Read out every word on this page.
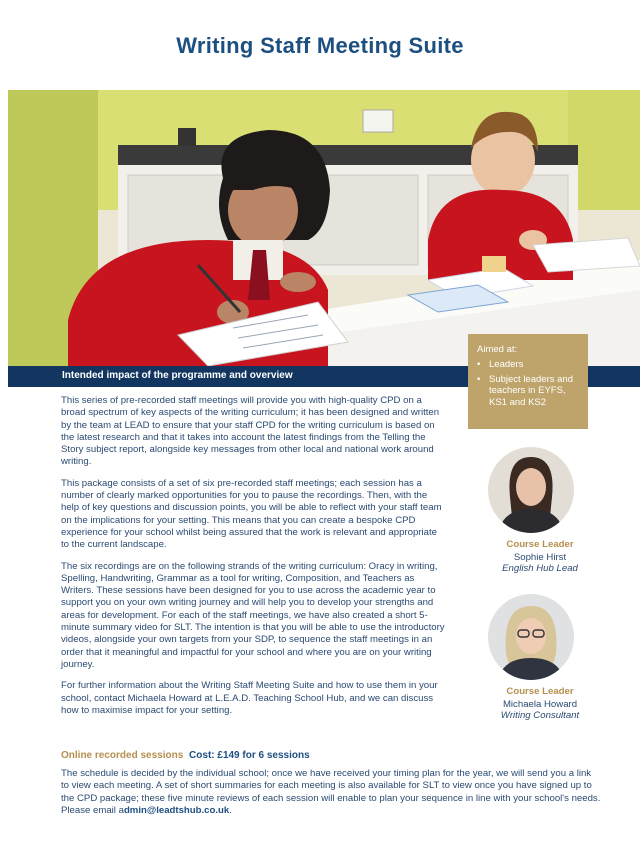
Writing Staff Meeting Suite
Intended impact of the programme and overview
Aimed at:
• Leaders
• Subject leaders and teachers in EYFS, KS1 and KS2

This series of pre-recorded staff meetings will provide you with high-quality CPD on a broad spectrum of key aspects of the writing curriculum; it has been designed and written by the team at LEAD to ensure that your staff CPD for the writing curriculum is based on the latest research and that it takes into account the latest findings from the Telling the Story subject report, alongside key messages from other local and national work around writing.

This package consists of a set of six pre-recorded staff meetings; each session has a number of clearly marked opportunities for you to pause the recordings. Then, with the help of key questions and discussion points, you will be able to reflect with your staff team on the implications for your setting. This means that you can create a bespoke CPD experience for your school whilst being assured that the work is relevant and appropriate to the current landscape.

The six recordings are on the following strands of the writing curriculum: Oracy in writing, Spelling, Handwriting, Grammar as a tool for writing, Composition, and Teachers as Writers. These sessions have been designed for you to use across the academic year to support you on your own writing journey and will help you to develop your strengths and areas for development. For each of the staff meetings, we have also created a short 5-minute summary video for SLT. The intention is that you will be able to use the introductory videos, alongside your own targets from your SDP, to sequence the staff meetings in an order that it meaningful and impactful for your school and where you are on your writing journey.

For further information about the Writing Staff Meeting Suite and how to use them in your school, contact Michaela Howard at L.E.A.D. Teaching School Hub, and we can discuss how to maximise impact for your setting.

Course Leader
Sophie Hirst
English Hub Lead
Course Leader
Michaela Howard
Writing Consultant
Online recorded sessions Cost: £149 for 6 sessions
The schedule is decided by the individual school; once we have received your timing plan for the year, we will send you a link to view each meeting. A set of short summaries for each meeting is also available for SLT to view once you have signed up to the CPD package; these five minute reviews of each session will enable to plan your sequence in line with your school's needs. Please email admin@leadtshub.co.uk.
